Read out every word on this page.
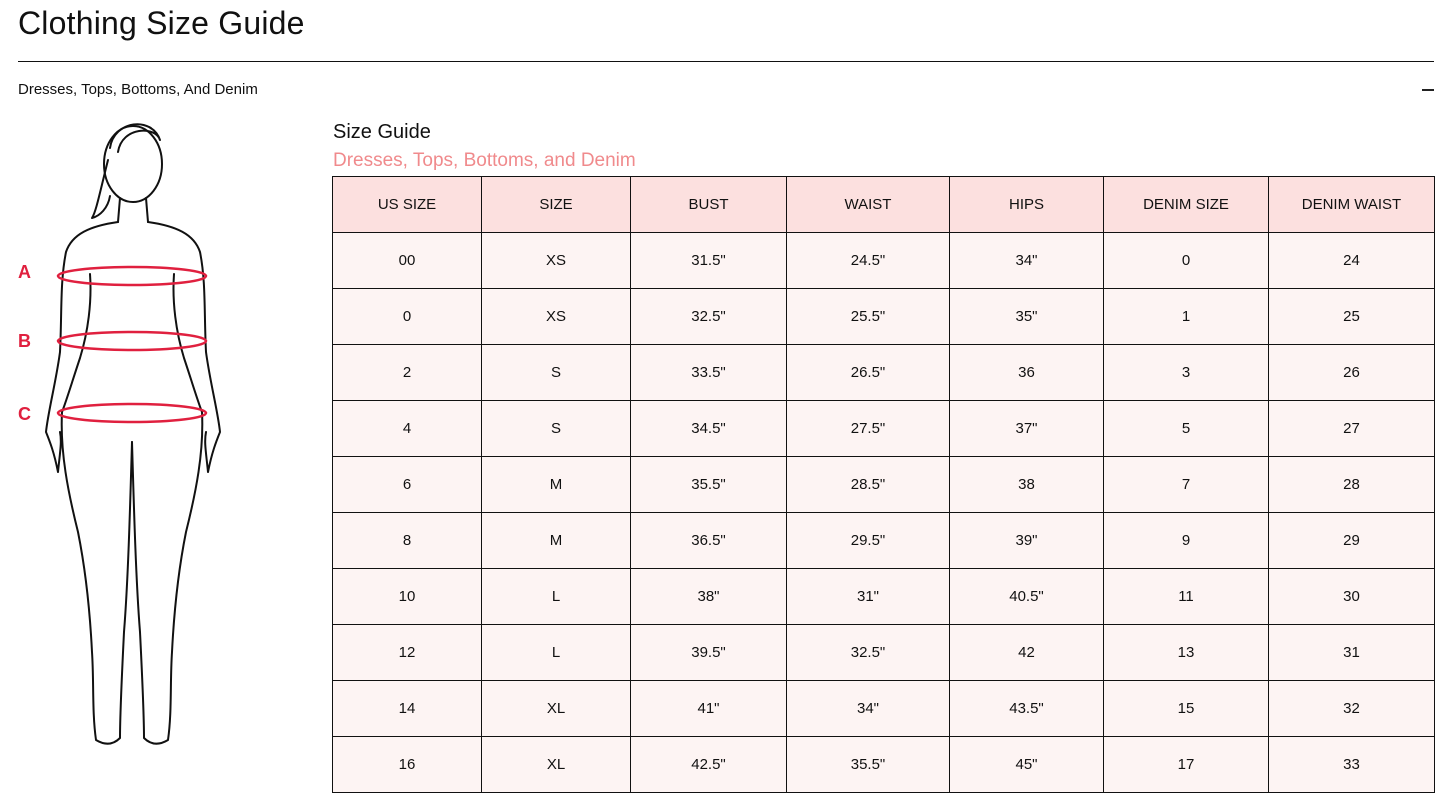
Clothing Size Guide
Dresses, Tops, Bottoms, And Denim
A
B
C
Size Guide
Dresses, Tops, Bottoms, and Denim
US SIZE	SIZE	BUST	WAIST	HIPS	DENIM SIZE	DENIM WAIST
00	XS	31.5"	24.5"	34"	0	24
0	XS	32.5"	25.5"	35"	1	25
2	S	33.5"	26.5"	36	3	26
4	S	34.5"	27.5"	37"	5	27
6	M	35.5"	28.5"	38	7	28
8	M	36.5"	29.5"	39"	9	29
10	L	38"	31"	40.5"	11	30
12	L	39.5"	32.5"	42	13	31
14	XL	41"	34"	43.5"	15	32
16	XL	42.5"	35.5"	45"	17	33
